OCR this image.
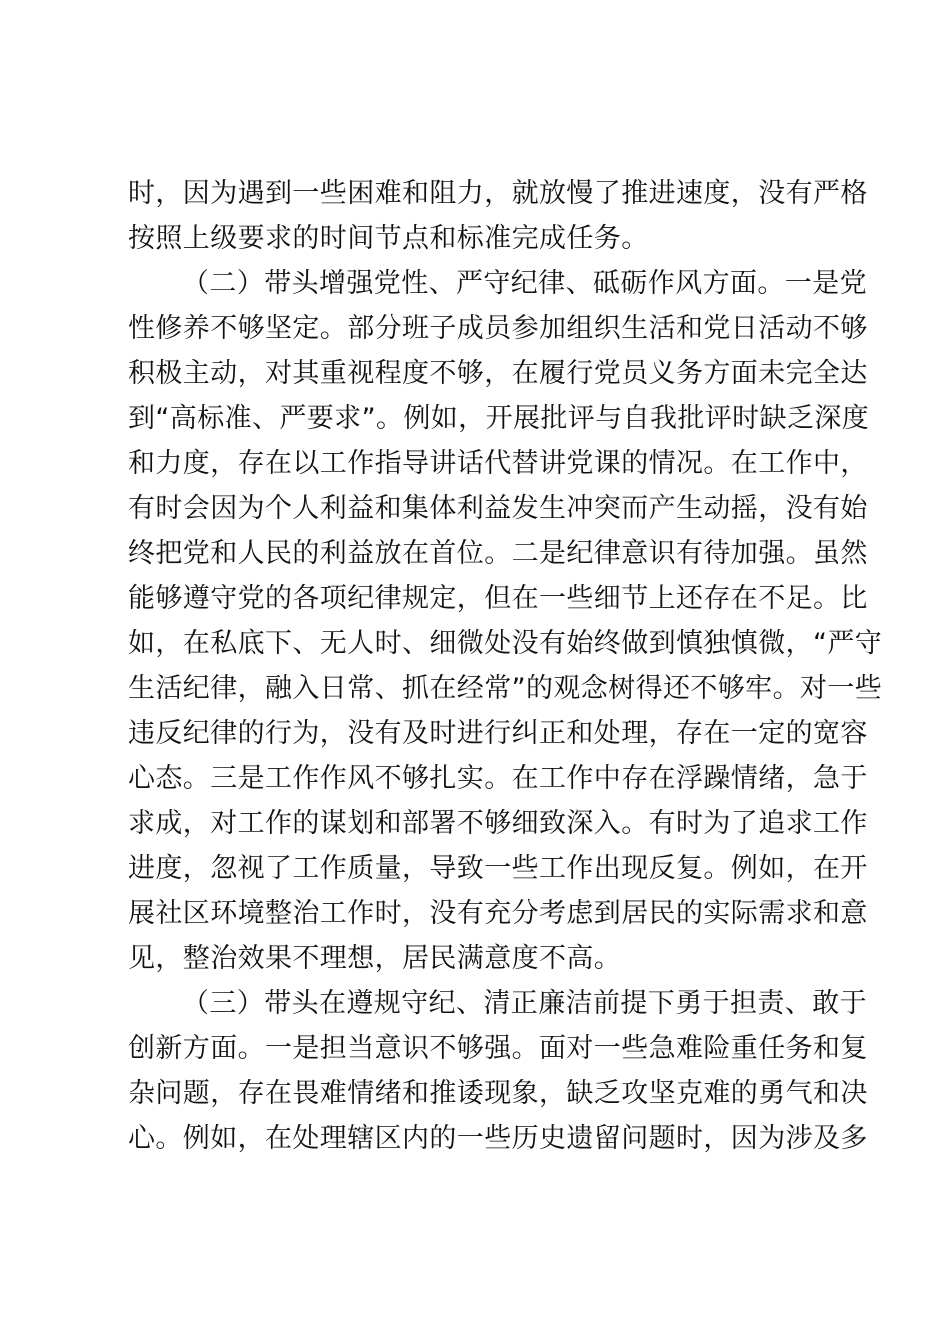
时，因为遇到一些困难和阻力，就放慢了推进速度，没有严格
按照上级要求的时间节点和标准完成任务。
（二）带头增强党性、严守纪律、砥砺作风方面。一是党
性修养不够坚定。部分班子成员参加组织生活和党日活动不够
积极主动，对其重视程度不够，在履行党员义务方面未完全达
到“高标准、严要求”。例如，开展批评与自我批评时缺乏深度
和力度，存在以工作指导讲话代替讲党课的情况。在工作中，
有时会因为个人利益和集体利益发生冲突而产生动摇，没有始
终把党和人民的利益放在首位。二是纪律意识有待加强。虽然
能够遵守党的各项纪律规定，但在一些细节上还存在不足。比
如，在私底下、无人时、细微处没有始终做到慎独慎微，“严守
生活纪律，融入日常、抓在经常”的观念树得还不够牢。对一些
违反纪律的行为，没有及时进行纠正和处理，存在一定的宽容
心态。三是工作作风不够扎实。在工作中存在浮躁情绪，急于
求成，对工作的谋划和部署不够细致深入。有时为了追求工作
进度，忽视了工作质量，导致一些工作出现反复。例如，在开
展社区环境整治工作时，没有充分考虑到居民的实际需求和意
见，整治效果不理想，居民满意度不高。
（三）带头在遵规守纪、清正廉洁前提下勇于担责、敢于
创新方面。一是担当意识不够强。面对一些急难险重任务和复
杂问题，存在畏难情绪和推诿现象，缺乏攻坚克难的勇气和决
心。例如，在处理辖区内的一些历史遗留问题时，因为涉及多
